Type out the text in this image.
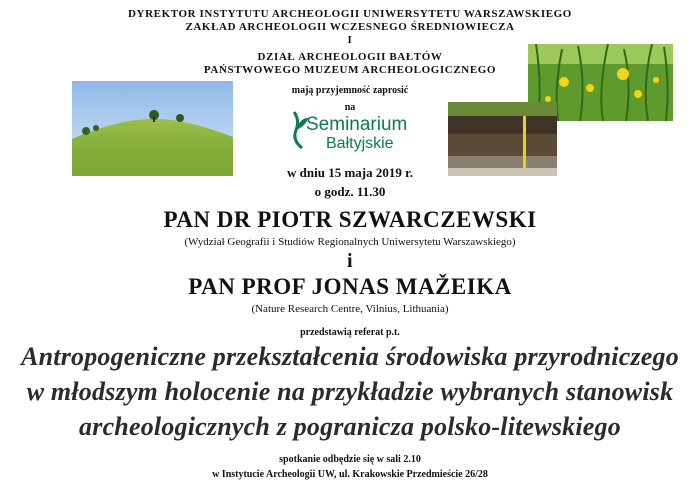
DYREKTOR INSTYTUTU ARCHEOLOGII UNIWERSYTETU WARSZAWSKIEGO
ZAKŁAD ARCHEOLOGII WCZESNEGO ŚREDNIOWIECZA
I
DZIAŁ ARCHEOLOGII BAŁTÓW
PAŃSTWOWEGO MUZEUM ARCHEOLOGICZNEGO
mają przyjemność zaprosić
na
Seminarium
Bałtyjskie
w dniu 15 maja 2019 r.
o godz. 11.30
PAN DR PIOTR SZWARCZEWSKI
(Wydział Geografii i Studiów Regionalnych Uniwersytetu Warszawskiego)
i
PAN PROF JONAS MAŽEIKA
(Nature Research Centre, Vilnius, Lithuania)
przedstawią referat p.t.
Antropogeniczne przekształcenia środowiska przyrodniczego
w młodszym holocenie na przykładzie wybranych stanowisk
archeologicznych z pogranicza polsko-litewskiego
spotkanie odbędzie się w sali 2.10
w Instytucie Archeologii UW, ul. Krakowskie Przedmieście 26/28
